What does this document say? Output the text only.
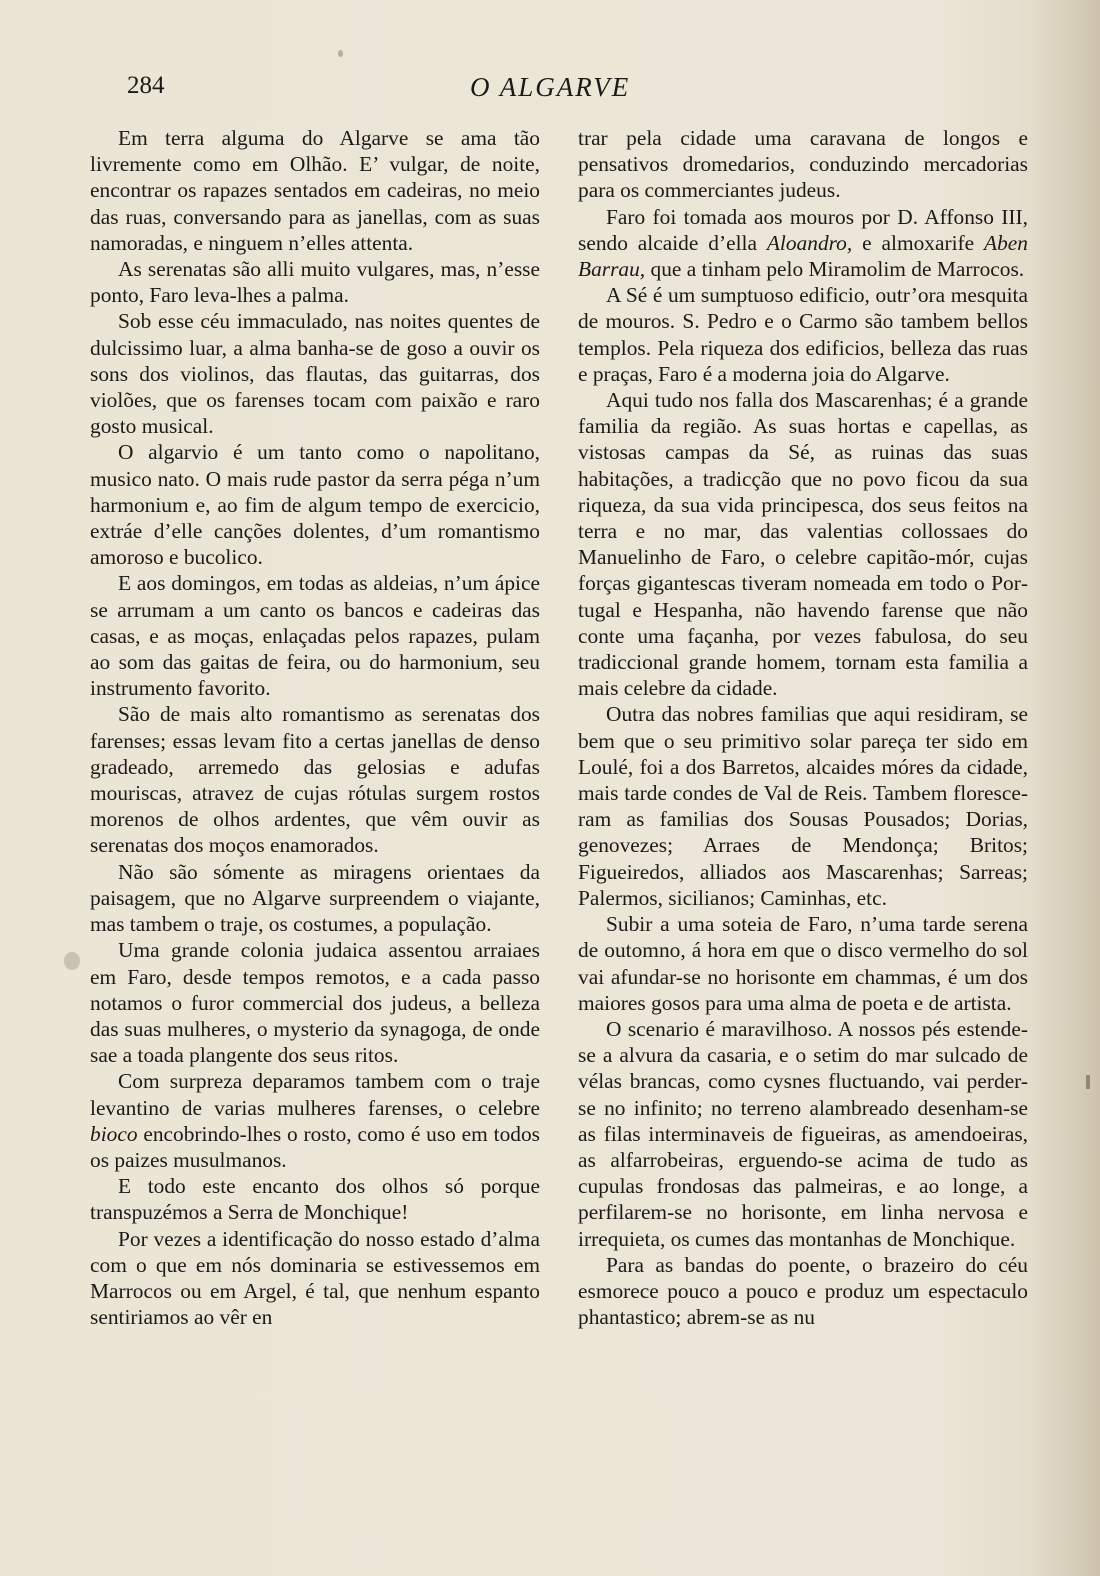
284	O ALGARVE

Em terra alguma do Algarve se ama tão livremente como em Olhão. E’ vulgar, de noite, encontrar os rapazes sentados em cadeiras, no meio das ruas, conversando para as janellas, com as suas namoradas, e ninguem n’elles attenta.

As serenatas são alli muito vulgares, mas, n’esse ponto, Faro leva-lhes a palma.

Sob esse céu immaculado, nas noites quentes de dulcissimo luar, a alma banha-se de goso a ouvir os sons dos violinos, das flautas, das guitarras, dos violões, que os farenses tocam com paixão e raro gosto musical.

O algarvio é um tanto como o napolitano, musico nato. O mais rude pastor da serra péga n’um harmonium e, ao fim de algum tempo de exercicio, extráe d’elle canções dolentes, d’um romantismo amoroso e bucolico.

E aos domingos, em todas as aldeias, n’um ápice se arrumam a um canto os bancos e cadeiras das casas, e as moças, enlaçadas pelos rapazes, pulam ao som das gaitas de feira, ou do harmonium, seu instrumento favorito.

São de mais alto romantismo as serenatas dos farenses; essas levam fito a certas janellas de denso gradeado, arremedo das gelosias e adufas mouriscas, atravez de cujas rótulas surgem rostos morenos de olhos ardentes, que vêm ouvir as serenatas dos moços enamorados.

Não são sómente as miragens orientaes da paisagem, que no Algarve surpreendem o viajante, mas tambem o traje, os costumes, a população.

Uma grande colonia judaica assentou arraiaes em Faro, desde tempos remotos, e a cada passo notamos o furor commercial dos judeus, a belleza das suas mulheres, o mysterio da synagoga, de onde sae a toada plangente dos seus ritos.

Com surpreza deparamos tambem com o traje levantino de varias mulheres farenses, o celebre bioco encobrindo-lhes o rosto, como é uso em todos os paizes musulmanos.

E todo este encanto dos olhos só porque transpuzémos a Serra de Monchique!

Por vezes a identificação do nosso estado d’alma com o que em nós dominaria se estivessemos em Marrocos ou em Argel, é tal, que nenhum espanto sentiriamos ao vêr en

trar pela cidade uma caravana de longos e pensativos dromedarios, conduzindo mercadorias para os commerciantes judeus.

Faro foi tomada aos mouros por D. Affonso III, sendo alcaide d’ella Aloandro, e almoxarife Aben Barrau, que a tinham pelo Miramolim de Marrocos.

A Sé é um sumptuoso edificio, outr’ora mesquita de mouros. S. Pedro e o Carmo são tambem bellos templos. Pela riqueza dos edificios, belleza das ruas e praças, Faro é a moderna joia do Algarve.

Aqui tudo nos falla dos Mascarenhas; é a grande familia da região. As suas hortas e capellas, as vistosas campas da Sé, as ruinas das suas habitações, a tradicção que no povo ficou da sua riqueza, da sua vida principesca, dos seus feitos na terra e no mar, das valentias collossaes do Manuelinho de Faro, o celebre capitão-mór, cujas forças gigantescas tiveram nomeada em todo o Portugal e Hespanha, não havendo farense que não conte uma façanha, por vezes fabulosa, do seu tradiccional grande homem, tornam esta familia a mais celebre da cidade.

Outra das nobres familias que aqui residiram, se bem que o seu primitivo solar pareça ter sido em Loulé, foi a dos Barretos, alcaides móres da cidade, mais tarde condes de Val de Reis. Tambem floresceram as familias dos Sousas Pousados; Dorias, genovezes; Arraes de Mendonça; Britos; Figueiredos, alliados aos Mascarenhas; Sarreas; Palermos, sicilianos; Caminhas, etc.

Subir a uma soteia de Faro, n’uma tarde serena de outomno, á hora em que o disco vermelho do sol vai afundar-se no horisonte em chammas, é um dos maiores gosos para uma alma de poeta e de artista.

O scenario é maravilhoso. A nossos pés estende-se a alvura da casaria, e o setim do mar sulcado de vélas brancas, como cysnes fluctuando, vai perder-se no infinito; no terreno alambreado desenham-se as filas interminaveis de figueiras, as amendoeiras, as alfarrobeiras, erguendo-se acima de tudo as cupulas frondosas das palmeiras, e ao longe, a perfilarem-se no horisonte, em linha nervosa e irrequieta, os cumes das montanhas de Monchique.

Para as bandas do poente, o brazeiro do céu esmorece pouco a pouco e produz um espectaculo phantastico; abrem-se as nu
